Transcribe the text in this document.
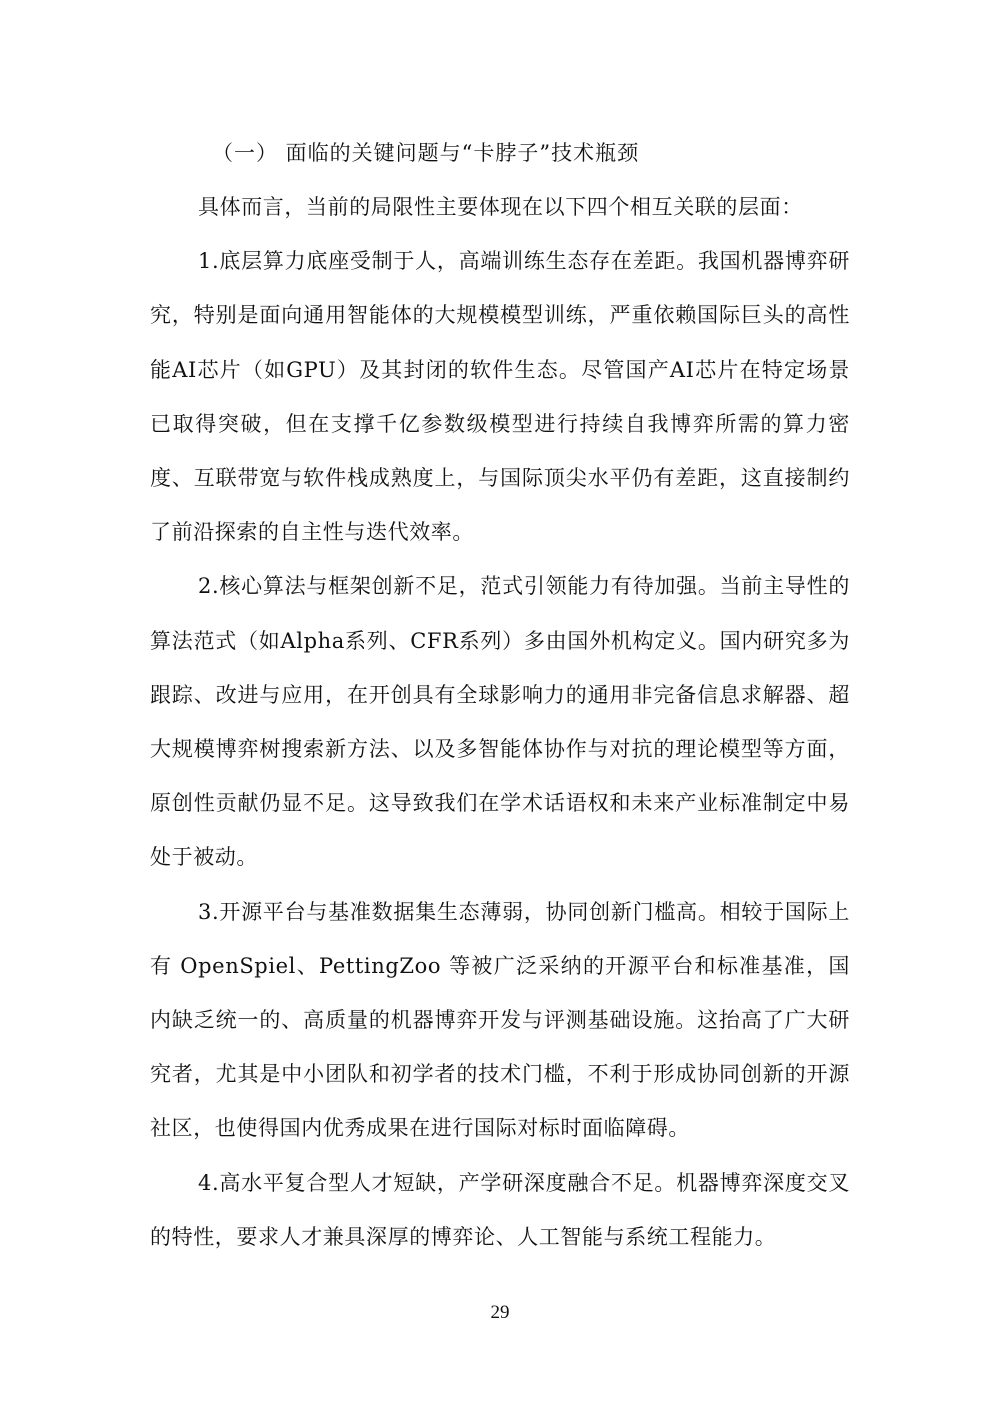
（一） 面临的关键问题与“卡脖子”技术瓶颈

具体而言，当前的局限性主要体现在以下四个相互关联的层面：

1.底层算力底座受制于人，高端训练生态存在差距。我国机器博弈研究，特别是面向通用智能体的大规模模型训练，严重依赖国际巨头的高性能AI芯片（如GPU）及其封闭的软件生态。尽管国产AI芯片在特定场景已取得突破，但在支撑千亿参数级模型进行持续自我博弈所需的算力密度、互联带宽与软件栈成熟度上，与国际顶尖水平仍有差距，这直接制约了前沿探索的自主性与迭代效率。

2.核心算法与框架创新不足，范式引领能力有待加强。当前主导性的算法范式（如Alpha系列、CFR系列）多由国外机构定义。国内研究多为跟踪、改进与应用，在开创具有全球影响力的通用非完备信息求解器、超大规模博弈树搜索新方法、以及多智能体协作与对抗的理论模型等方面，原创性贡献仍显不足。这导致我们在学术话语权和未来产业标准制定中易处于被动。

3.开源平台与基准数据集生态薄弱，协同创新门槛高。相较于国际上有 OpenSpiel、PettingZoo 等被广泛采纳的开源平台和标准基准，国内缺乏统一的、高质量的机器博弈开发与评测基础设施。这抬高了广大研究者，尤其是中小团队和初学者的技术门槛，不利于形成协同创新的开源社区，也使得国内优秀成果在进行国际对标时面临障碍。

4.高水平复合型人才短缺，产学研深度融合不足。机器博弈深度交叉的特性，要求人才兼具深厚的博弈论、人工智能与系统工程能力。

29
